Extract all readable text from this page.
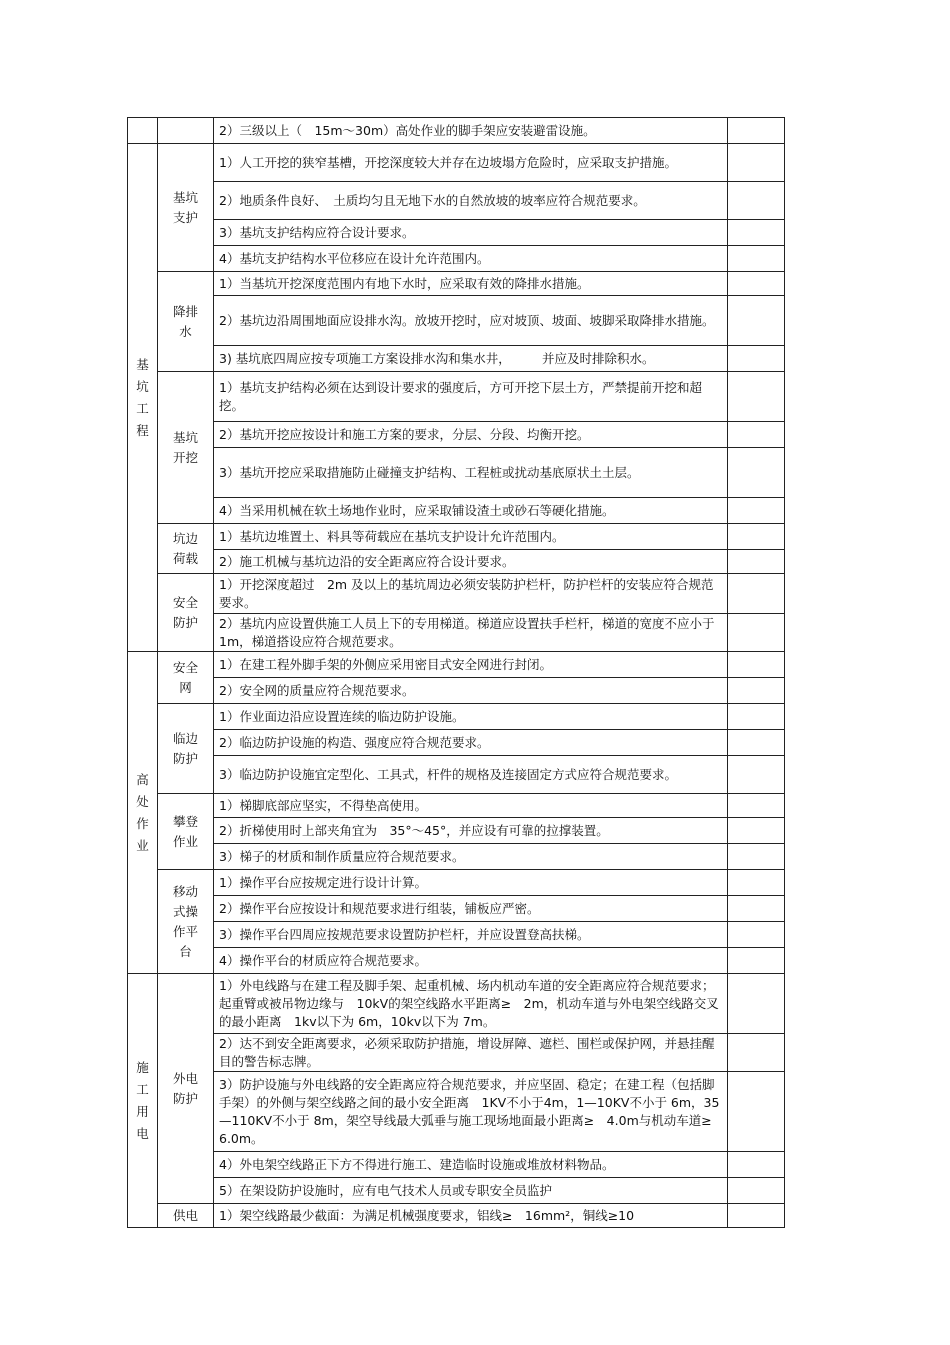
		2）三级以上（　15m～30m）高处作业的脚手架应安装避雷设施。	
基坑工程	基坑支护	1）人工开挖的狭窄基槽，开挖深度较大并存在边坡塌方危险时，应采取支护措施。	
		2）地质条件良好、　土质均匀且无地下水的自然放坡的坡率应符合规范要求。	
		3）基坑支护结构应符合设计要求。	
		4）基坑支护结构水平位移应在设计允许范围内。	
	降排水	1）当基坑开挖深度范围内有地下水时，应采取有效的降排水措施。	
		2）基坑边沿周围地面应设排水沟。放坡开挖时，应对坡顶、坡面、坡脚采取降排水措施。	
		3) 基坑底四周应按专项施工方案设排水沟和集水井，　　　并应及时排除积水。	
	基坑开挖	1）基坑支护结构必须在达到设计要求的强度后，方可开挖下层土方，严禁提前开挖和超挖。	
		2）基坑开挖应按设计和施工方案的要求，分层、分段、均衡开挖。	
		3）基坑开挖应采取措施防止碰撞支护结构、工程桩或扰动基底原状土土层。	
		4）当采用机械在软土场地作业时，应采取铺设渣土或砂石等硬化措施。	
	坑边荷载	1）基坑边堆置土、料具等荷载应在基坑支护设计允许范围内。	
		2）施工机械与基坑边沿的安全距离应符合设计要求。	
	安全防护	1）开挖深度超过　2m 及以上的基坑周边必须安装防护栏杆，防护栏杆的安装应符合规范要求。	
		2）基坑内应设置供施工人员上下的专用梯道。梯道应设置扶手栏杆，梯道的宽度不应小于　1m，梯道搭设应符合规范要求。	
高处作业	安全网	1）在建工程外脚手架的外侧应采用密目式安全网进行封闭。	
		2）安全网的质量应符合规范要求。	
	临边防护	1）作业面边沿应设置连续的临边防护设施。	
		2）临边防护设施的构造、强度应符合规范要求。	
		3）临边防护设施宜定型化、工具式，杆件的规格及连接固定方式应符合规范要求。	
	攀登作业	1）梯脚底部应坚实，不得垫高使用。	
		2）折梯使用时上部夹角宜为　35°～45°，并应设有可靠的拉撑装置。	
		3）梯子的材质和制作质量应符合规范要求。	
	移动式操作平台	1）操作平台应按规定进行设计计算。	
		2）操作平台应按设计和规范要求进行组装，铺板应严密。	
		3）操作平台四周应按规范要求设置防护栏杆，并应设置登高扶梯。	
		4）操作平台的材质应符合规范要求。	
施工用电	外电防护	1）外电线路与在建工程及脚手架、起重机械、场内机动车道的安全距离应符合规范要求；　起重臂或被吊物边缘与　10kV的架空线路水平距离≥　2m，机动车道与外电架空线路交叉的最小距离　1kv以下为 6m，10kv以下为 7m。	
		2）达不到安全距离要求，必须采取防护措施，增设屏障、遮栏、围栏或保护网，并悬挂醒目的警告标志牌。	
		3）防护设施与外电线路的安全距离应符合规范要求，并应坚固、稳定；在建工程（包括脚手架）的外侧与架空线路之间的最小安全距离　1KV不小于4m，1—10KV不小于 6m，35—110KV不小于 8m，架空导线最大弧垂与施工现场地面最小距离≥　4.0m与机动车道≥　6.0m。	
		4）外电架空线路正下方不得进行施工、建造临时设施或堆放材料物品。	
		5）在架设防护设施时，应有电气技术人员或专职安全员监护	
	供电	1）架空线路最少截面：为满足机械强度要求，铝线≥　16mm²，铜线≥10	
